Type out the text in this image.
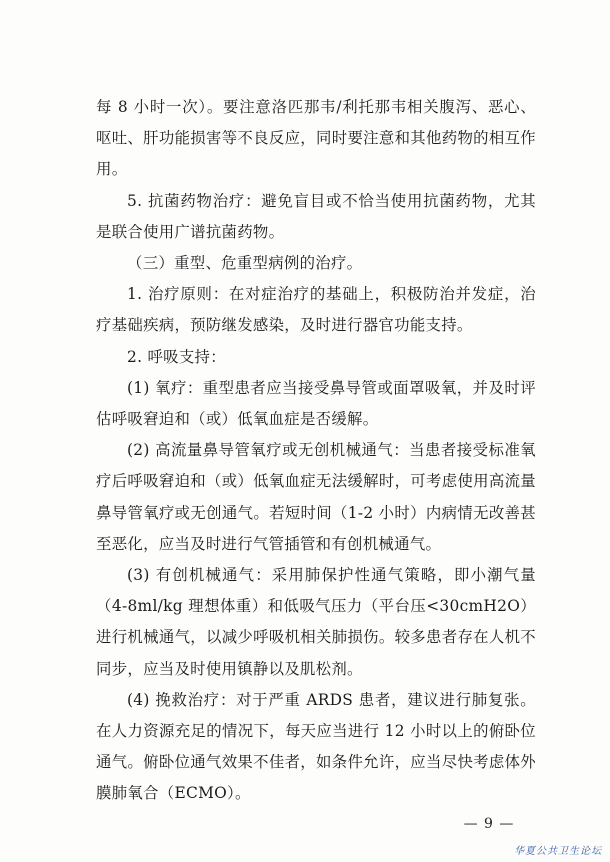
每 8 小时一次）。要注意洛匹那韦/利托那韦相关腹泻、恶心、呕吐、肝功能损害等不良反应，同时要注意和其他药物的相互作用。

5. 抗菌药物治疗：避免盲目或不恰当使用抗菌药物，尤其是联合使用广谱抗菌药物。

（三）重型、危重型病例的治疗。

1. 治疗原则：在对症治疗的基础上，积极防治并发症，治疗基础疾病，预防继发感染，及时进行器官功能支持。

2. 呼吸支持：

(1) 氧疗：重型患者应当接受鼻导管或面罩吸氧，并及时评估呼吸窘迫和（或）低氧血症是否缓解。

(2) 高流量鼻导管氧疗或无创机械通气：当患者接受标准氧疗后呼吸窘迫和（或）低氧血症无法缓解时，可考虑使用高流量鼻导管氧疗或无创通气。若短时间（1-2 小时）内病情无改善甚至恶化，应当及时进行气管插管和有创机械通气。

(3) 有创机械通气：采用肺保护性通气策略，即小潮气量（4-8ml/kg 理想体重）和低吸气压力（平台压<30cmH2O）进行机械通气，以减少呼吸机相关肺损伤。较多患者存在人机不同步，应当及时使用镇静以及肌松剂。

(4) 挽救治疗：对于严重 ARDS 患者，建议进行肺复张。在人力资源充足的情况下，每天应当进行 12 小时以上的俯卧位通气。俯卧位通气效果不佳者，如条件允许，应当尽快考虑体外膜肺氧合（ECMO）。

— 9 —
华夏公共卫生论坛
